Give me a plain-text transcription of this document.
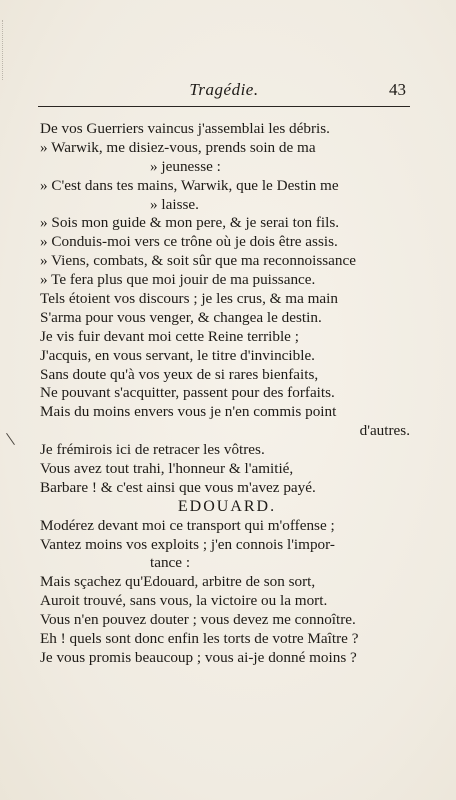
Tragédie.	43
De vos Guerriers vaincus j'assemblai les débris.
» Warwik, me disiez-vous, prends soin de ma
» jeunesse :
» C'est dans tes mains, Warwik, que le Destin me
» laisse.
» Sois mon guide & mon pere, & je serai ton fils.
» Conduis-moi vers ce trône où je dois être assis.
» Viens, combats, & soit sûr que ma reconnoissance
» Te fera plus que moi jouir de ma puissance.
Tels étoient vos discours ; je les crus, & ma main
S'arma pour vous venger, & changea le destin.
Je vis fuir devant moi cette Reine terrible ;
J'acquis, en vous servant, le titre d'invincible.
Sans doute qu'à vos yeux de si rares bienfaits,
Ne pouvant s'acquitter, passent pour des forfaits.
Mais du moins envers vous je n'en commis point
d'autres.
Je frémirois ici de retracer les vôtres.
Vous avez tout trahi, l'honneur & l'amitié,
Barbare ! & c'est ainsi que vous m'avez payé.
EDOUARD.
Modérez devant moi ce transport qui m'offense ;
Vantez moins vos exploits ; j'en connois l'impor-
tance :
Mais sçachez qu'Edouard, arbitre de son sort,
Auroit trouvé, sans vous, la victoire ou la mort.
Vous n'en pouvez douter ; vous devez me connoître.
Eh ! quels sont donc enfin les torts de votre Maître ?
Je vous promis beaucoup ; vous ai-je donné moins ?
